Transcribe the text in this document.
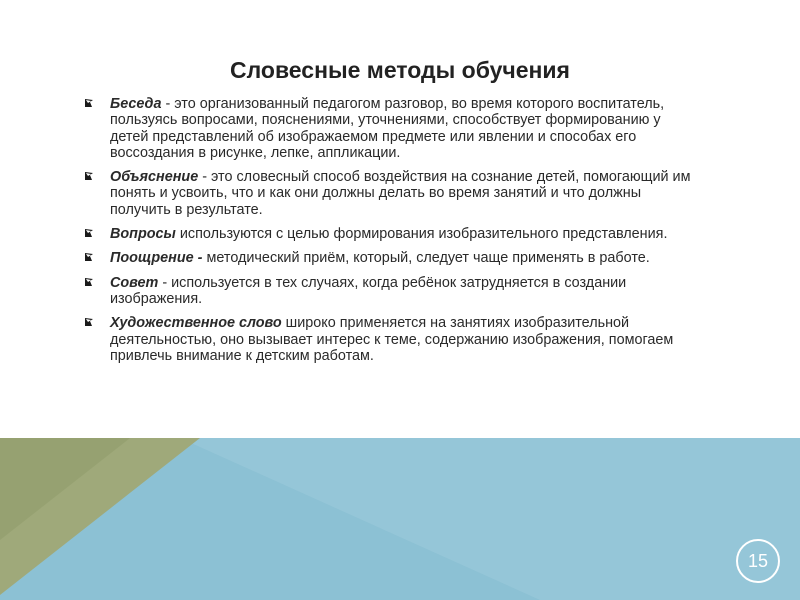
Словесные методы обучения
Беседа - это организованный педагогом разговор, во время которого воспитатель, пользуясь вопросами, пояснениями, уточнениями, способствует формированию у детей представлений об изображаемом предмете или явлении и способах его воссоздания в рисунке, лепке, аппликации.
Объяснение - это словесный способ воздействия на сознание детей, помогающий им понять и усвоить, что и как они должны делать во время занятий и что должны получить в результате.
Вопросы используются с целью формирования изобразительного представления.
Поощрение - методический приём, который, следует чаще применять в работе.
Совет - используется в тех случаях, когда ребёнок затрудняется в создании изображения.
Художественное слово широко применяется на занятиях изобразительной деятельностью, оно вызывает интерес к теме, содержанию изображения, помогаем привлечь внимание к детским работам.
15
